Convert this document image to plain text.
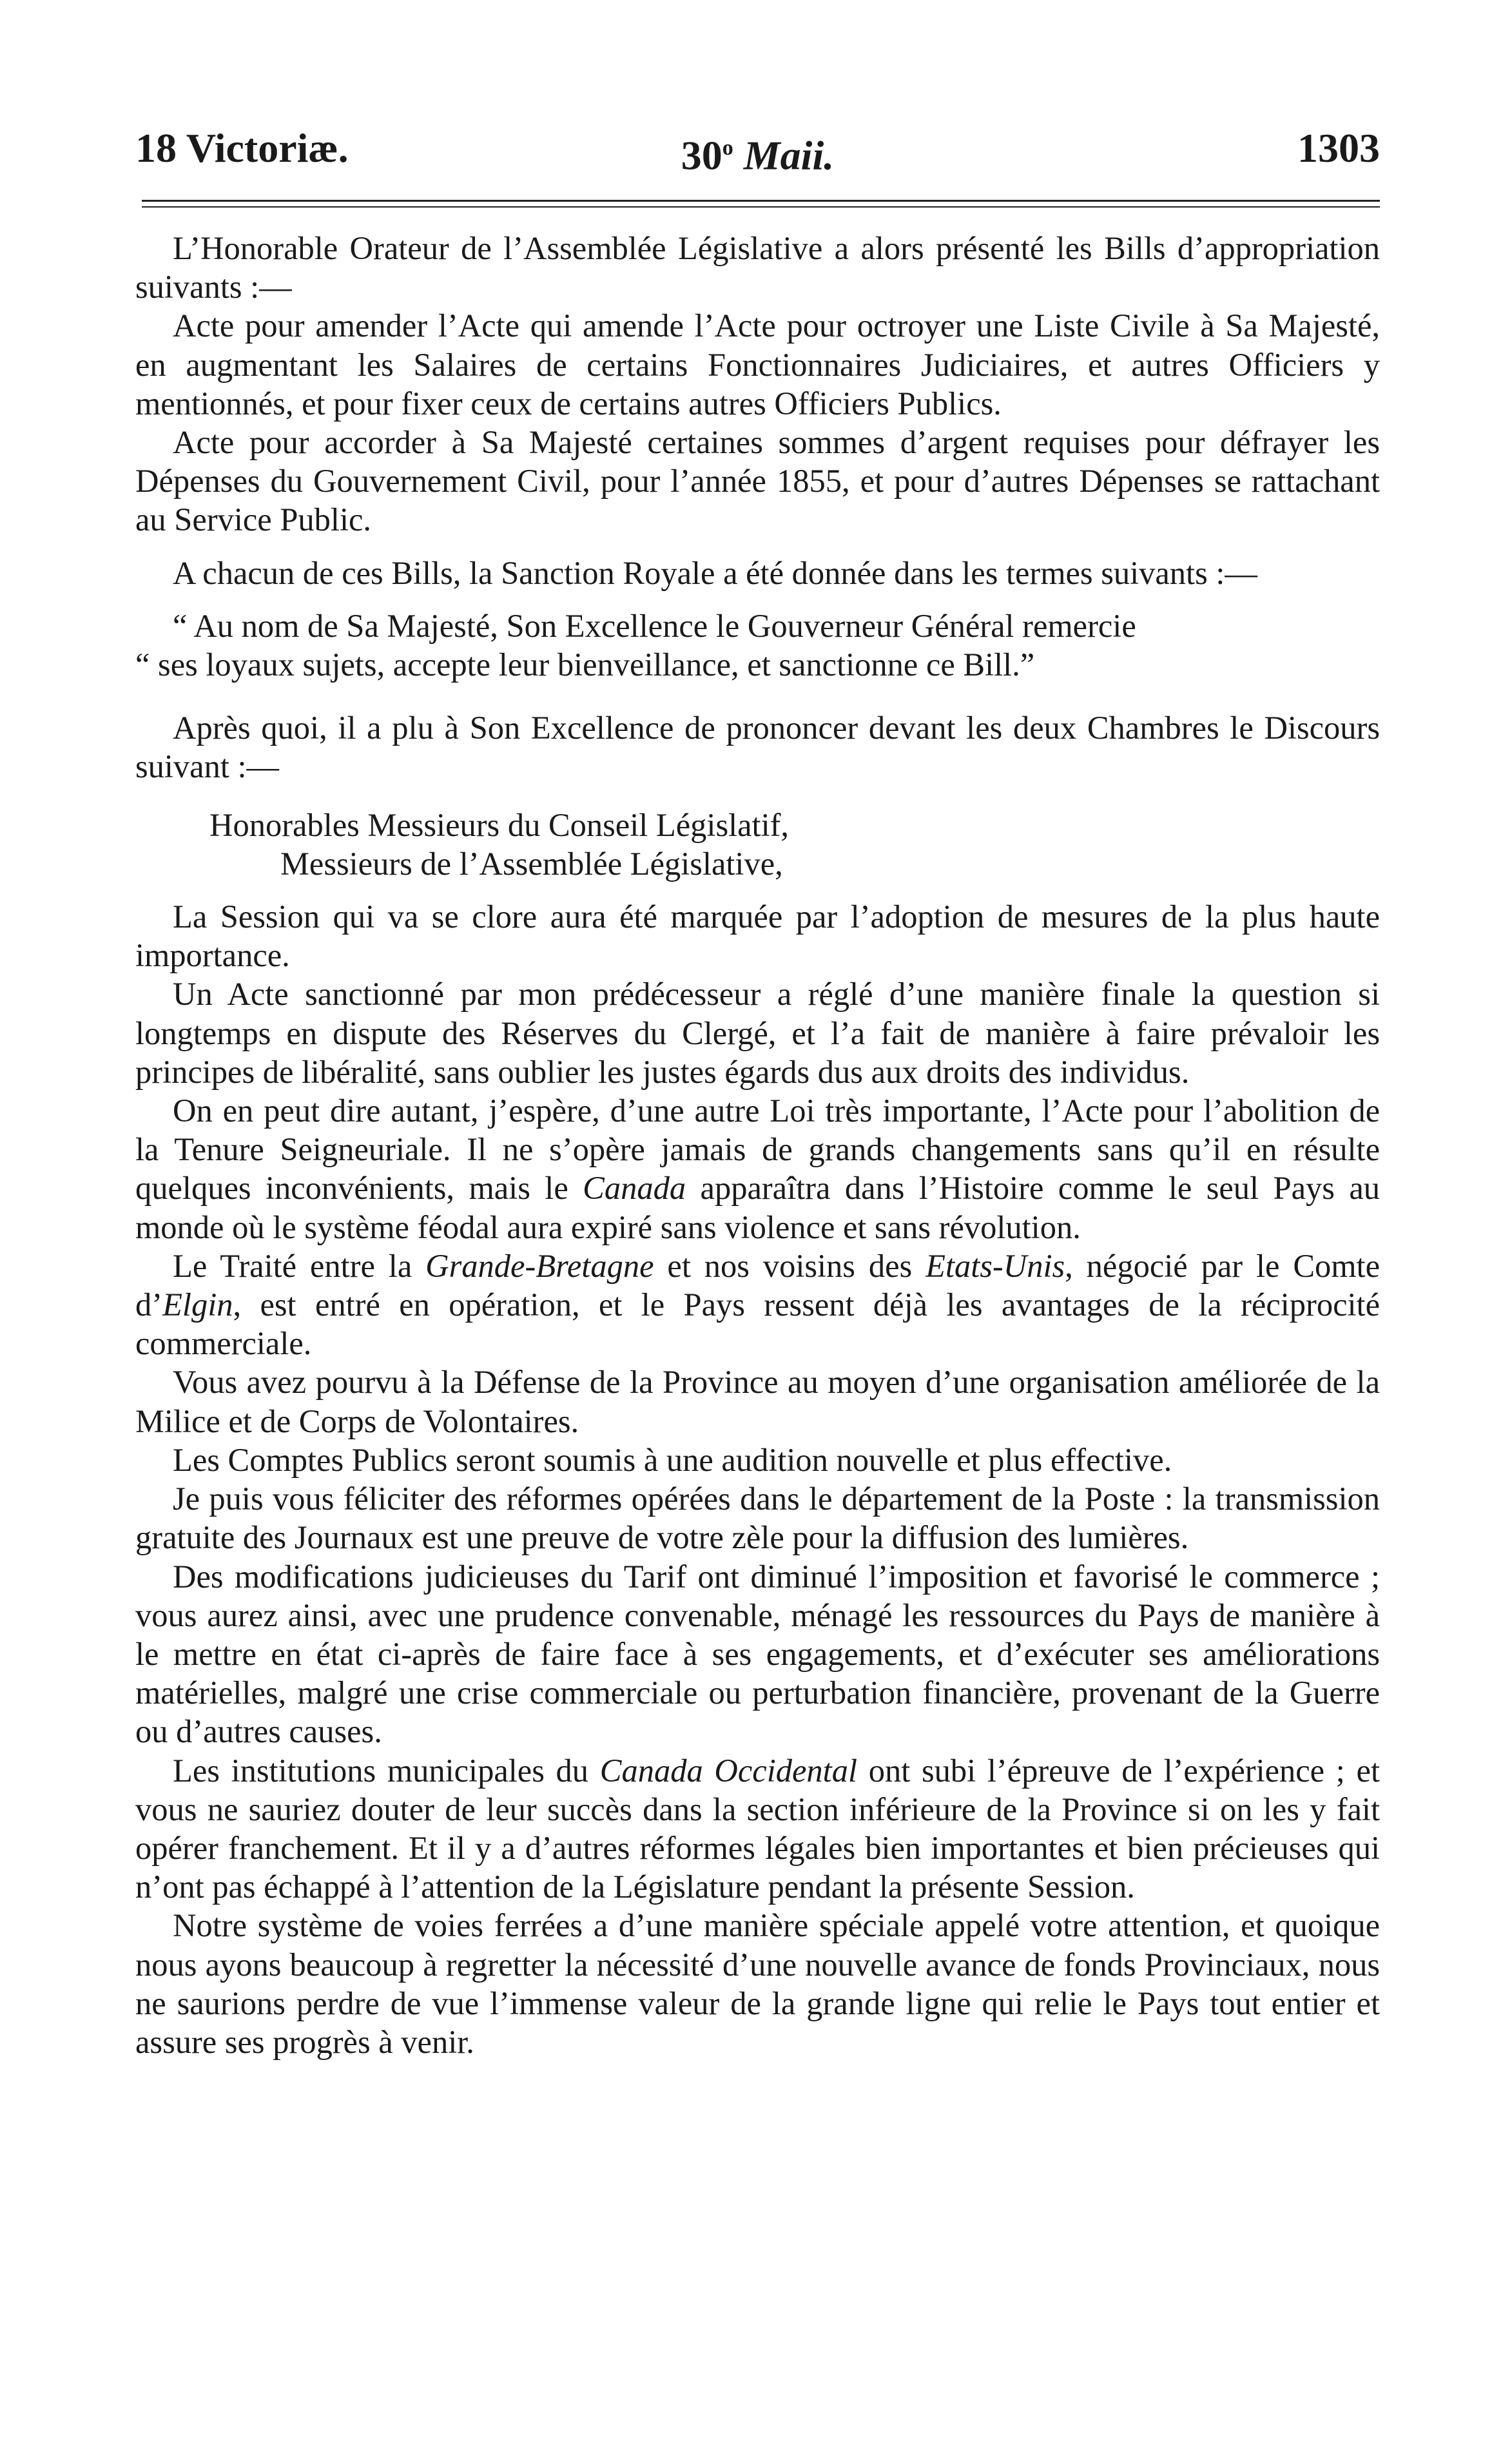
18 Victoriæ.	30$^o$ Maii.	1303

L’Honorable Orateur de l’Assemblée Législative a alors présenté les Bills d’appropriation suivants :—

Acte pour amender l’Acte qui amende l’Acte pour octroyer une Liste Civile à Sa Majesté, en augmentant les Salaires de certains Fonctionnaires Judiciaires, et autres Officiers y mentionnés, et pour fixer ceux de certains autres Officiers Publics.

Acte pour accorder à Sa Majesté certaines sommes d’argent requises pour défrayer les Dépenses du Gouvernement Civil, pour l’année 1855, et pour d’autres Dépenses se rattachant au Service Public.

A chacun de ces Bills, la Sanction Royale a été donnée dans les termes suivants :—

“ Au nom de Sa Majesté, Son Excellence le Gouverneur Général remercie
“ ses loyaux sujets, accepte leur bienveillance, et sanctionne ce Bill.”

Après quoi, il a plu à Son Excellence de prononcer devant les deux Chambres le Discours suivant :—

Honorables Messieurs du Conseil Législatif,

Messieurs de l’Assemblée Législative,

La Session qui va se clore aura été marquée par l’adoption de mesures de la plus haute importance.

Un Acte sanctionné par mon prédécesseur a réglé d’une manière finale la question si longtemps en dispute des Réserves du Clergé, et l’a fait de manière à faire prévaloir les principes de libéralité, sans oublier les justes égards dus aux droits des individus.

On en peut dire autant, j’espère, d’une autre Loi très importante, l’Acte pour l’abolition de la Tenure Seigneuriale. Il ne s’opère jamais de grands changements sans qu’il en résulte quelques inconvénients, mais le Canada apparaîtra dans l’Histoire comme le seul Pays au monde où le système féodal aura expiré sans violence et sans révolution.

Le Traité entre la Grande-Bretagne et nos voisins des Etats-Unis, négocié par le Comte d’Elgin, est entré en opération, et le Pays ressent déjà les avantages de la réciprocité commerciale.

Vous avez pourvu à la Défense de la Province au moyen d’une organisation améliorée de la Milice et de Corps de Volontaires.

Les Comptes Publics seront soumis à une audition nouvelle et plus effective.

Je puis vous féliciter des réformes opérées dans le département de la Poste : la transmission gratuite des Journaux est une preuve de votre zèle pour la diffusion des lumières.

Des modifications judicieuses du Tarif ont diminué l’imposition et favorisé le commerce ; vous aurez ainsi, avec une prudence convenable, ménagé les ressources du Pays de manière à le mettre en état ci-après de faire face à ses engagements, et d’exécuter ses améliorations matérielles, malgré une crise commerciale ou perturbation financière, provenant de la Guerre ou d’autres causes.

Les institutions municipales du Canada Occidental ont subi l’épreuve de l’expérience ; et vous ne sauriez douter de leur succès dans la section inférieure de la Province si on les y fait opérer franchement. Et il y a d’autres réformes légales bien importantes et bien précieuses qui n’ont pas échappé à l’attention de la Législature pendant la présente Session.

Notre système de voies ferrées a d’une manière spéciale appelé votre attention, et quoique nous ayons beaucoup à regretter la nécessité d’une nouvelle avance de fonds Provinciaux, nous ne saurions perdre de vue l’immense valeur de la grande ligne qui relie le Pays tout entier et assure ses progrès à venir.
